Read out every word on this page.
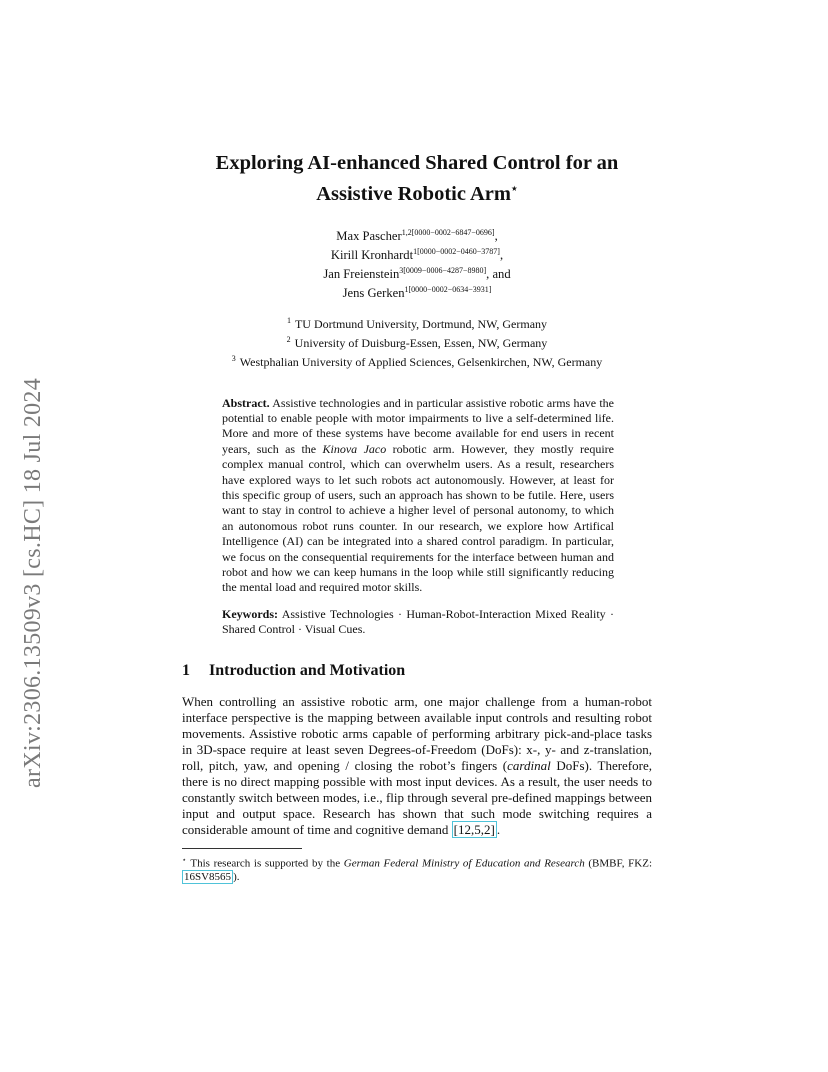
arXiv:2306.13509v3 [cs.HC] 18 Jul 2024
Exploring AI-enhanced Shared Control for an
Assistive Robotic Arm⋆
Max Pascher$^{1,2[0000-0002-6847-0696]}$,
Kirill Kronhardt$^{1[0000-0002-0460-3787]}$,
Jan Freienstein$^{3[0009-0006-4287-8980]}$, and
Jens Gerken$^{1[0000-0002-0634-3931]}$
$^1$ TU Dortmund University, Dortmund, NW, Germany
$^2$ University of Duisburg-Essen, Essen, NW, Germany
$^3$ Westphalian University of Applied Sciences, Gelsenkirchen, NW, Germany
Abstract. Assistive technologies and in particular assistive robotic arms have the potential to enable people with motor impairments to live a self-determined life. More and more of these systems have become available for end users in recent years, such as the Kinova Jaco robotic arm. However, they mostly require complex manual control, which can overwhelm users. As a result, researchers have explored ways to let such robots act autonomously. However, at least for this specific group of users, such an approach has shown to be futile. Here, users want to stay in control to achieve a higher level of personal autonomy, to which an autonomous robot runs counter. In our research, we explore how Artifical Intelligence (AI) can be integrated into a shared control paradigm. In particular, we focus on the consequential requirements for the interface between human and robot and how we can keep humans in the loop while still significantly reducing the mental load and required motor skills.
Keywords: Assistive Technologies · Human-Robot-Interaction Mixed Reality · Shared Control · Visual Cues.
1 Introduction and Motivation
When controlling an assistive robotic arm, one major challenge from a human-robot interface perspective is the mapping between available input controls and resulting robot movements. Assistive robotic arms capable of performing arbitrary pick-and-place tasks in 3D-space require at least seven Degrees-of-Freedom (DoFs): x-, y- and z-translation, roll, pitch, yaw, and opening / closing the robot’s fingers (cardinal DoFs). Therefore, there is no direct mapping possible with most input devices. As a result, the user needs to constantly switch between modes, i.e., flip through several pre-defined mappings between input and output space. Research has shown that such mode switching requires a considerable amount of time and cognitive demand [12,5,2] .
⋆ This research is supported by the German Federal Ministry of Education and Research (BMBF, FKZ: 16SV8565 ).
